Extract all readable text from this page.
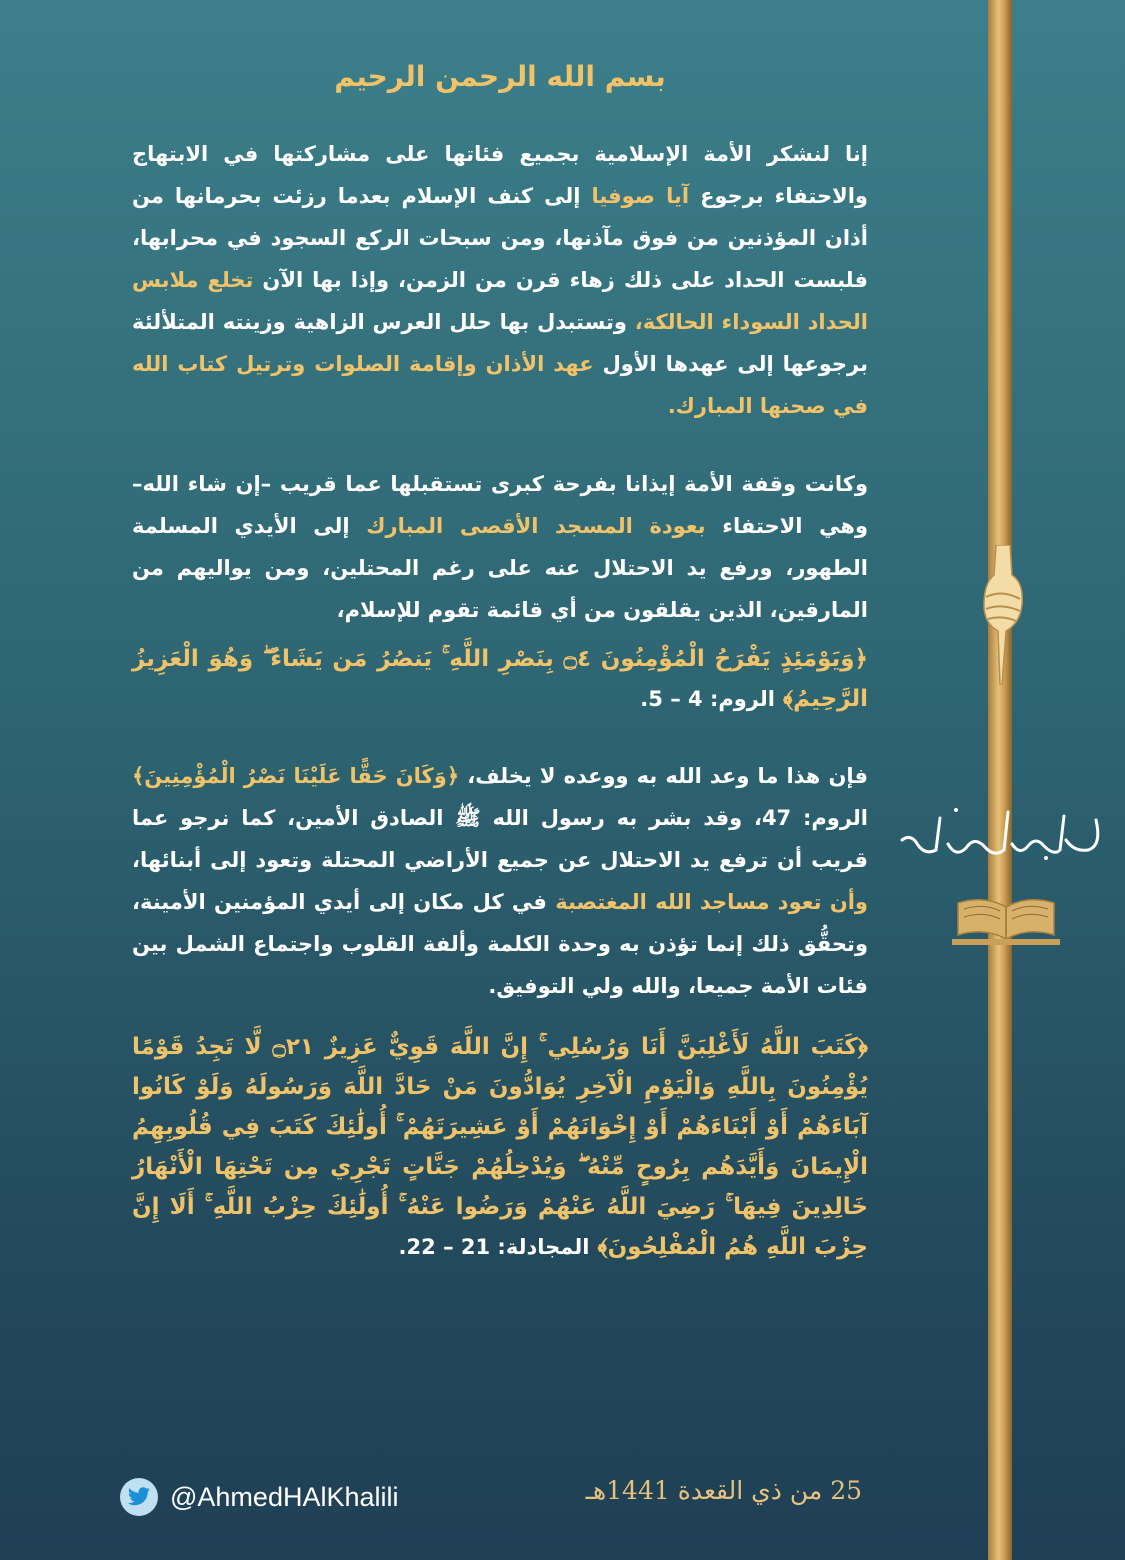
بسم الله الرحمن الرحيم

إنا لنشكر الأمة الإسلامية بجميع فئاتها على مشاركتها في الابتهاج والاحتفاء برجوع آيا صوفيا إلى كنف الإسلام بعدما رزئت بحرمانها من أذان المؤذنين من فوق مآذنها، ومن سبحات الركع السجود في محرابها، فلبست الحداد على ذلك زهاء قرن من الزمن، وإذا بها الآن تخلع ملابس الحداد السوداء الحالكة، وتستبدل بها حلل العرس الزاهية وزينته المتلألئة برجوعها إلى عهدها الأول عهد الأذان وإقامة الصلوات وترتيل كتاب الله في صحنها المبارك.

وكانت وقفة الأمة إيذانا بفرحة كبرى تستقبلها عما قريب –إن شاء الله– وهي الاحتفاء بعودة المسجد الأقصى المبارك إلى الأيدي المسلمة الطهور، ورفع يد الاحتلال عنه على رغم المحتلين، ومن يواليهم من المارقين، الذين يقلقون من أي قائمة تقوم للإسلام،

﴿وَيَوْمَئِذٍ يَفْرَحُ الْمُؤْمِنُونَ ۝٤ بِنَصْرِ اللَّهِ ۚ يَنصُرُ مَن يَشَاءُ ۖ وَهُوَ الْعَزِيزُ الرَّحِيمُ﴾ الروم: 4 – 5.

فإن هذا ما وعد الله به ووعده لا يخلف، ﴿وَكَانَ حَقًّا عَلَيْنَا نَصْرُ الْمُؤْمِنِينَ﴾ الروم: 47، وقد بشر به رسول الله ﷺ الصادق الأمين، كما نرجو عما قريب أن ترفع يد الاحتلال عن جميع الأراضي المحتلة وتعود إلى أبنائها، وأن تعود مساجد الله المغتصبة في كل مكان إلى أيدي المؤمنين الأمينة، وتحقُّق ذلك إنما تؤذن به وحدة الكلمة وألفة القلوب واجتماع الشمل بين فئات الأمة جميعا، والله ولي التوفيق.

﴿كَتَبَ اللَّهُ لَأَغْلِبَنَّ أَنَا وَرُسُلِي ۚ إِنَّ اللَّهَ قَوِيٌّ عَزِيزٌ ۝٢١ لَّا تَجِدُ قَوْمًا يُؤْمِنُونَ بِاللَّهِ وَالْيَوْمِ الْآخِرِ يُوَادُّونَ مَنْ حَادَّ اللَّهَ وَرَسُولَهُ وَلَوْ كَانُوا آبَاءَهُمْ أَوْ أَبْنَاءَهُمْ أَوْ إِخْوَانَهُمْ أَوْ عَشِيرَتَهُمْ ۚ أُولَٰئِكَ كَتَبَ فِي قُلُوبِهِمُ الْإِيمَانَ وَأَيَّدَهُم بِرُوحٍ مِّنْهُ ۖ وَيُدْخِلُهُمْ جَنَّاتٍ تَجْرِي مِن تَحْتِهَا الْأَنْهَارُ خَالِدِينَ فِيهَا ۚ رَضِيَ اللَّهُ عَنْهُمْ وَرَضُوا عَنْهُ ۚ أُولَٰئِكَ حِزْبُ اللَّهِ ۚ أَلَا إِنَّ حِزْبَ اللَّهِ هُمُ الْمُفْلِحُونَ﴾ المجادلة: 21 – 22.

25 من ذي القعدة 1441هـ
@AhmedHAlKhalili
